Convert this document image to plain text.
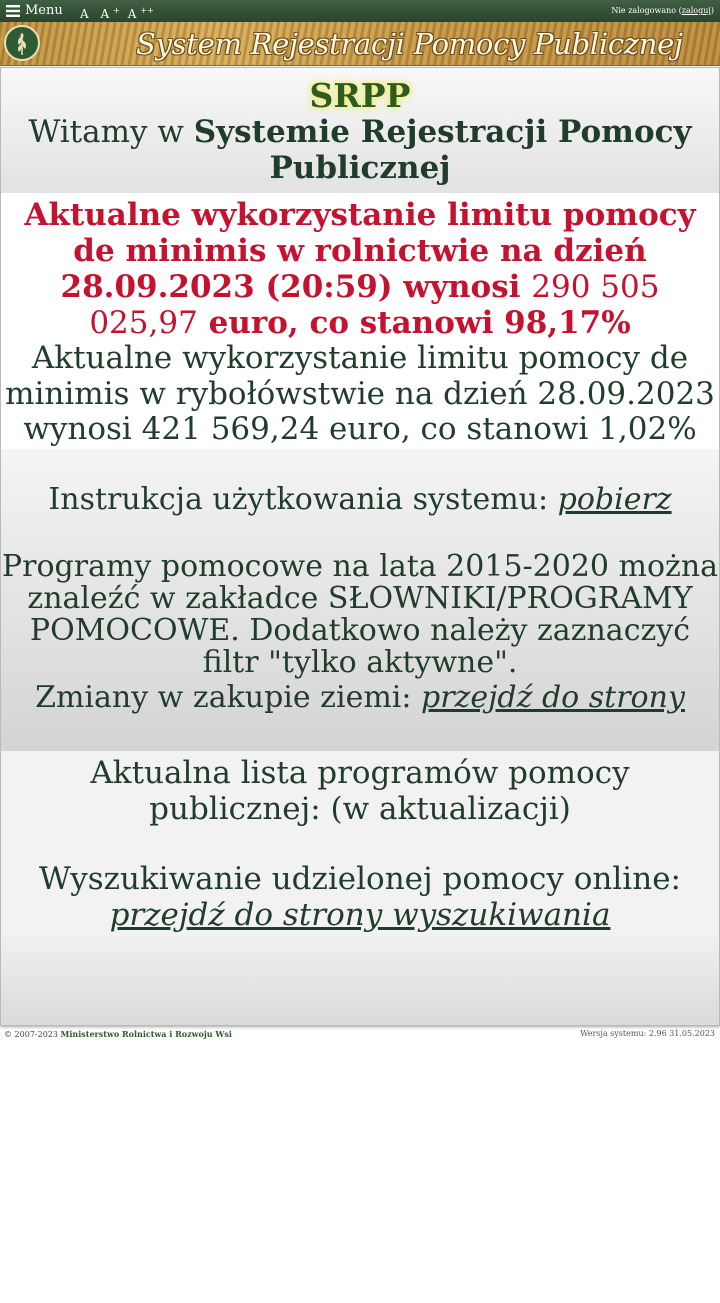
Menu A A + A ++	Nie zalogowano (zaloguj)
System Rejestracji Pomocy Publicznej
SRPP
Witamy w Systemie Rejestracji Pomocy Publicznej
Aktualne wykorzystanie limitu pomocy de minimis w rolnictwie na dzień 28.09.2023 (20:59) wynosi 290 505 025,97 euro, co stanowi 98,17%
Aktualne wykorzystanie limitu pomocy de minimis w rybołówstwie na dzień 28.09.2023 wynosi 421 569,24 euro, co stanowi 1,02%
Instrukcja użytkowania systemu: pobierz
Programy pomocowe na lata 2015-2020 można znaleźć w zakładce SŁOWNIKI/PROGRAMY POMOCOWE. Dodatkowo należy zaznaczyć filtr "tylko aktywne".
Zmiany w zakupie ziemi: przejdź do strony
Aktualna lista programów pomocy publicznej: (w aktualizacji)
Wyszukiwanie udzielonej pomocy online: przejdź do strony wyszukiwania
© 2007-2023 Ministerstwo Rolnictwa i Rozwoju Wsi	Wersja systemu: 2.96 31.05.2023
